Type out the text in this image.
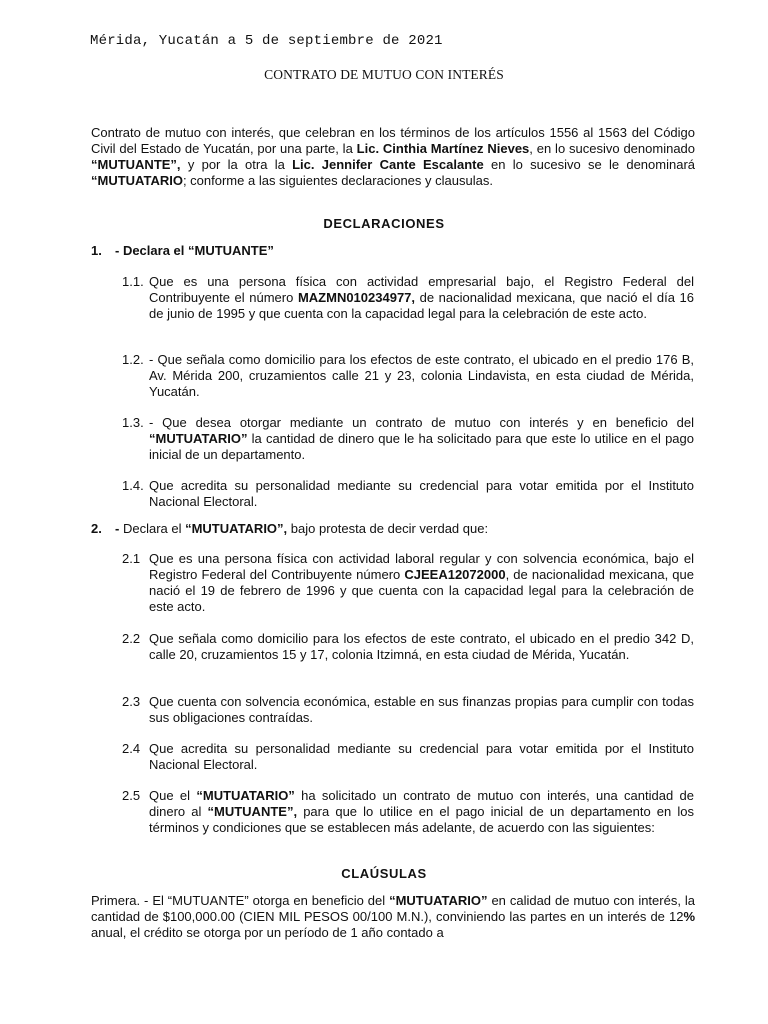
Mérida, Yucatán a 5 de septiembre de 2021
CONTRATO DE MUTUO CON INTERÉS
Contrato de mutuo con interés, que celebran en los términos de los artículos 1556 al 1563 del Código Civil del Estado de Yucatán, por una parte, la Lic. Cinthia Martínez Nieves, en lo sucesivo denominado “MUTUANTE”, y por la otra la Lic. Jennifer Cante Escalante en lo sucesivo se le denominará “MUTUATARIO; conforme a las siguientes declaraciones y clausulas.
DECLARACIONES
1. - Declara el “MUTUANTE”
1.1. Que es una persona física con actividad empresarial bajo, el Registro Federal del Contribuyente el número MAZMN010234977, de nacionalidad mexicana, que nació el día 16 de junio de 1995 y que cuenta con la capacidad legal para la celebración de este acto.
1.2. - Que señala como domicilio para los efectos de este contrato, el ubicado en el predio 176 B, Av. Mérida 200, cruzamientos calle 21 y 23, colonia Lindavista, en esta ciudad de Mérida, Yucatán.
1.3. - Que desea otorgar mediante un contrato de mutuo con interés y en beneficio del “MUTUATARIO” la cantidad de dinero que le ha solicitado para que este lo utilice en el pago inicial de un departamento.
1.4. Que acredita su personalidad mediante su credencial para votar emitida por el Instituto Nacional Electoral.
2. - Declara el “MUTUATARIO”, bajo protesta de decir verdad que:
2.1 Que es una persona física con actividad laboral regular y con solvencia económica, bajo el Registro Federal del Contribuyente número CJEEA12072000, de nacionalidad mexicana, que nació el 19 de febrero de 1996 y que cuenta con la capacidad legal para la celebración de este acto.
2.2 Que señala como domicilio para los efectos de este contrato, el ubicado en el predio 342 D, calle 20, cruzamientos 15 y 17, colonia Itzimná, en esta ciudad de Mérida, Yucatán.
2.3 Que cuenta con solvencia económica, estable en sus finanzas propias para cumplir con todas sus obligaciones contraídas.
2.4 Que acredita su personalidad mediante su credencial para votar emitida por el Instituto Nacional Electoral.
2.5 Que el “MUTUATARIO” ha solicitado un contrato de mutuo con interés, una cantidad de dinero al “MUTUANTE”, para que lo utilice en el pago inicial de un departamento en los términos y condiciones que se establecen más adelante, de acuerdo con las siguientes:
CLAÚSULAS
Primera. - El “MUTUANTE” otorga en beneficio del “MUTUATARIO” en calidad de mutuo con interés, la cantidad de $100,000.00 (CIEN MIL PESOS 00/100 M.N.), conviniendo las partes en un interés de 12% anual, el crédito se otorga por un período de 1 año contado a
